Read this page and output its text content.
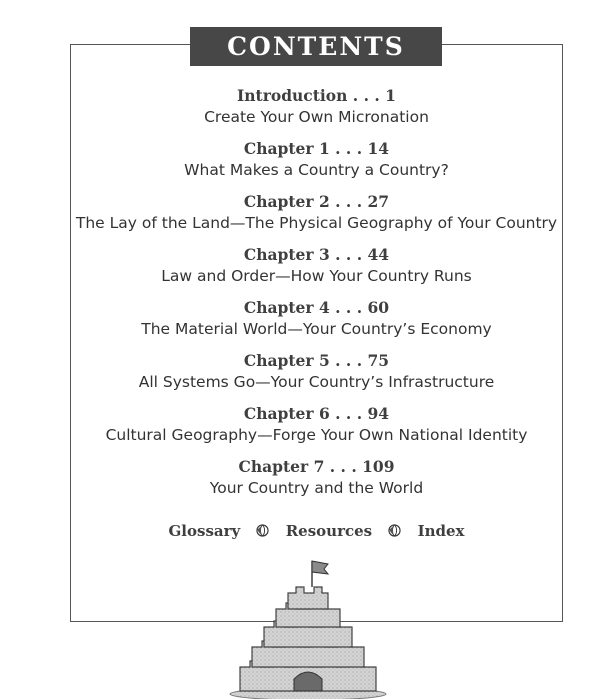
CONTENTS
Introduction . . . 1
Create Your Own Micronation
Chapter 1 . . . 14
What Makes a Country a Country?
Chapter 2 . . . 27
The Lay of the Land—The Physical Geography of Your Country
Chapter 3 . . . 44
Law and Order—How Your Country Runs
Chapter 4 . . . 60
The Material World—Your Country’s Economy
Chapter 5 . . . 75
All Systems Go—Your Country’s Infrastructure
Chapter 6 . . . 94
Cultural Geography—Forge Your Own National Identity
Chapter 7 . . . 109
Your Country and the World
Glossary	Resources	Index
